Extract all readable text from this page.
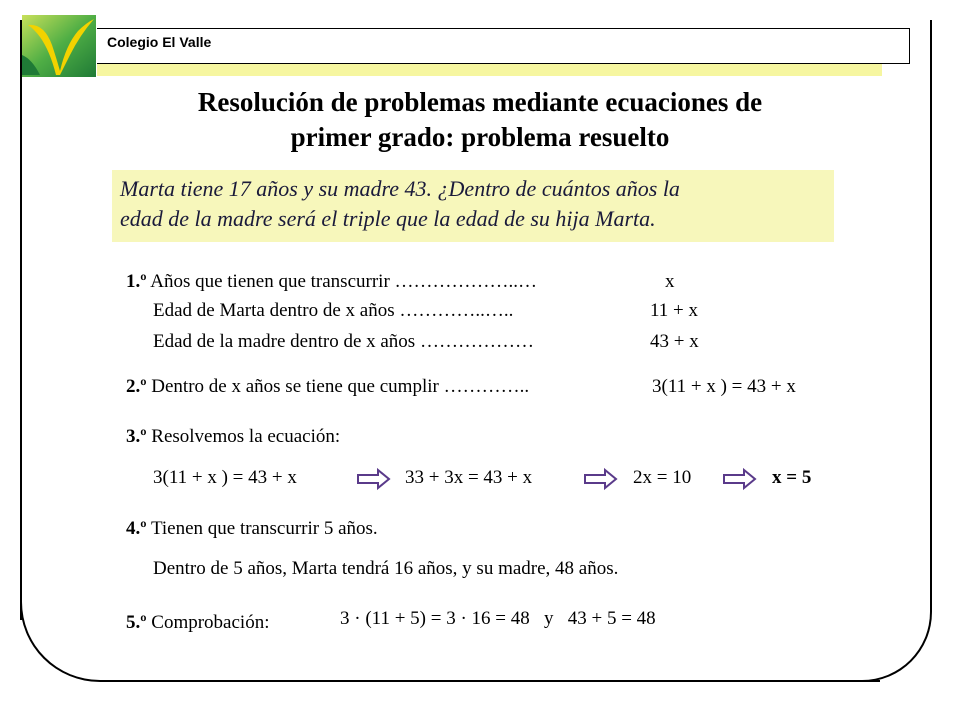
Colegio El Valle
Resolución de problemas mediante ecuaciones de
primer grado: problema resuelto
Marta tiene 17 años y su madre 43. ¿Dentro de cuántos años la
edad de la madre será el triple que la edad de su hija Marta.
1.º Años que tienen que transcurrir ………………..…	x
Edad de Marta dentro de x años …………..…..	11 + x
Edad de la madre dentro de x años ………………	43 + x
2.º Dentro de x años se tiene que cumplir …………..	3(11 + x ) = 43 + x
3.º Resolvemos la ecuación:
3(11 + x ) = 43 + x	33 + 3x = 43 + x	2x = 10	x = 5
4.º Tienen que transcurrir 5 años.
Dentro de 5 años, Marta tendrá 16 años, y su madre, 48 años.
5.º Comprobación:	3 · (11 + 5) = 3 · 16 = 48   y   43 + 5 = 48
